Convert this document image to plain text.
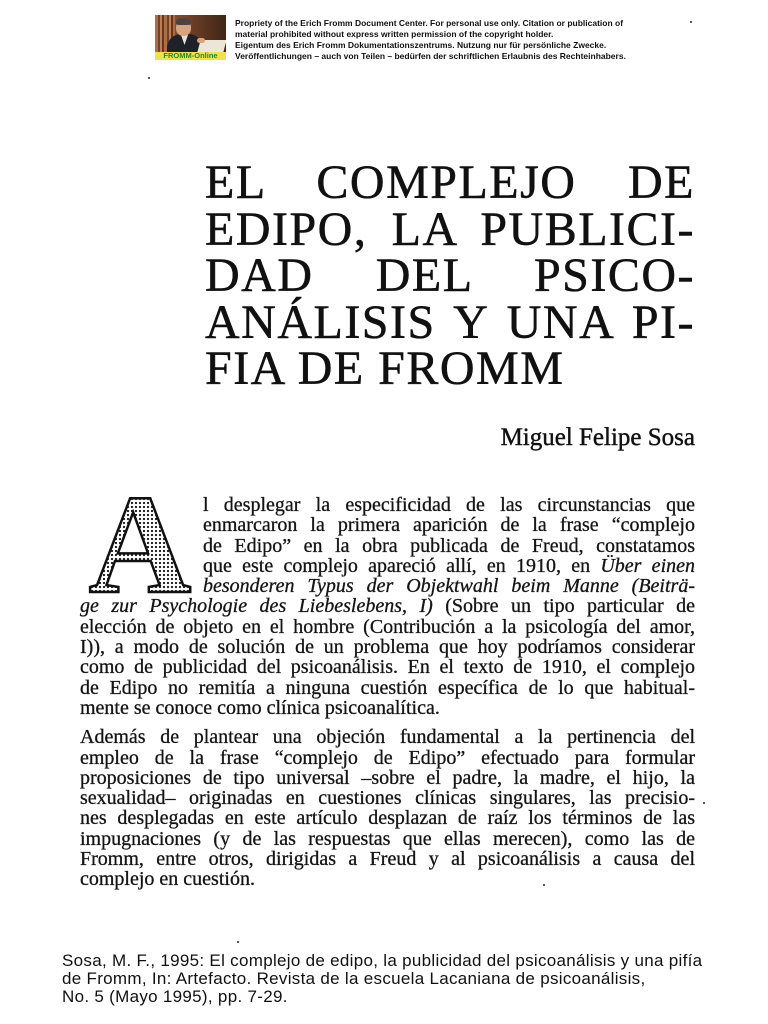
FROMM-Online
Propriety of the Erich Fromm Document Center. For personal use only. Citation or publication of
material prohibited without express written permission of the copyright holder.
Eigentum des Erich Fromm Dokumentationszentrums. Nutzung nur für persönliche Zwecke.
Veröffentlichungen – auch von Teilen – bedürfen der schriftlichen Erlaubnis des Rechteinhabers.
EL COMPLEJO DE
EDIPO, LA PUBLICI-
DAD DEL PSICO-
ANÁLISIS Y UNA PI-
FIA DE FROMM
Miguel Felipe Sosa
A l desplegar la especificidad de las circunstancias que
enmarcaron la primera aparición de la frase “complejo
de Edipo” en la obra publicada de Freud, constatamos
que este complejo apareció allí, en 1910, en Über einen
besonderen Typus der Objektwahl beim Manne (Beiträ-
ge zur Psychologie des Liebeslebens, I) (Sobre un tipo particular de
elección de objeto en el hombre (Contribución a la psicología del amor,
I)), a modo de solución de un problema que hoy podríamos considerar
como de publicidad del psicoanálisis. En el texto de 1910, el complejo
de Edipo no remitía a ninguna cuestión específica de lo que habitual-
mente se conoce como clínica psicoanalítica.
Además de plantear una objeción fundamental a la pertinencia del
empleo de la frase “complejo de Edipo” efectuado para formular
proposiciones de tipo universal –sobre el padre, la madre, el hijo, la
sexualidad– originadas en cuestiones clínicas singulares, las precisio-
nes desplegadas en este artículo desplazan de raíz los términos de las
impugnaciones (y de las respuestas que ellas merecen), como las de
Fromm, entre otros, dirigidas a Freud y al psicoanálisis a causa del
complejo en cuestión.
Sosa, M. F., 1995: El complejo de edipo, la publicidad del psicoanálisis y una pifía
de Fromm, In: Artefacto. Revista de la escuela Lacaniana de psicoanálisis,
No. 5 (Mayo 1995), pp. 7-29.
